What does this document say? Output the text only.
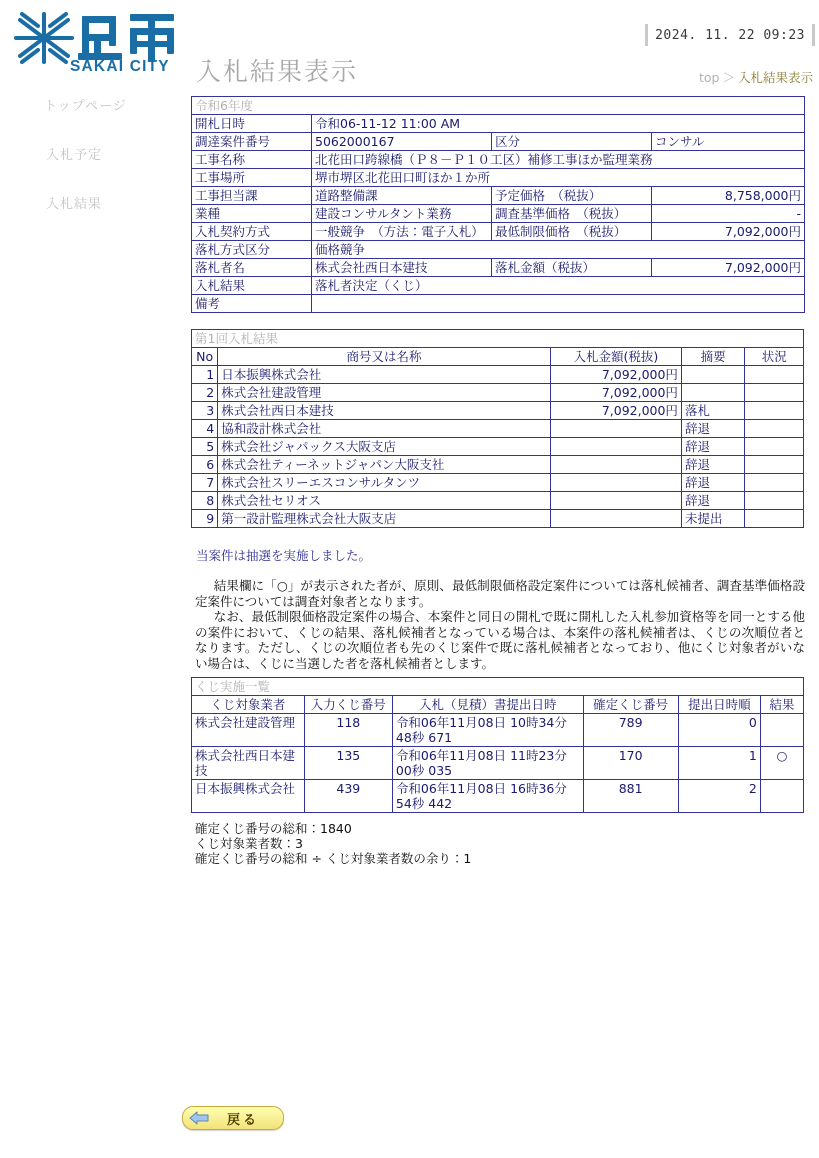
SAKAI CITY 入札結果表示
2024. 11. 22 09:23
top ＞ 入札結果表示
トップページ
入札予定
入札結果
令和6年度			
開札日時	令和06-11-12 11:00 AM		
調達案件番号	5062000167	区分	コンサル
工事名称	北花田口跨線橋（Ｐ８－Ｐ１０工区）補修工事ほか監理業務		
工事場所	堺市堺区北花田口町ほか１か所		
工事担当課	道路整備課	予定価格　（税抜）	8,758,000円
業種	建設コンサルタント業務	調査基準価格　（税抜）	-
入札契約方式	一般競争　（方法：電子入札）	最低制限価格　（税抜）	7,092,000円
落札方式区分	価格競争		
落札者名	株式会社西日本建技	落札金額（税抜）	7,092,000円
入札結果	落札者決定（くじ）		
備考			
第1回入札結果				
No	商号又は名称	入札金額(税抜)	摘要	状況
1	日本振興株式会社	7,092,000円		
2	株式会社建設管理	7,092,000円		
3	株式会社西日本建技	7,092,000円	落札	
4	協和設計株式会社		辞退	
5	株式会社ジャパックス大阪支店		辞退	
6	株式会社ティーネットジャパン大阪支社		辞退	
7	株式会社スリーエスコンサルタンツ		辞退	
8	株式会社セリオス		辞退	
9	第一設計監理株式会社大阪支店		未提出	
当案件は抽選を実施しました。

結果欄に「○」が表示された者が、原則、最低制限価格設定案件については落札候補者、調査基準価格設定案件については調査対象者となります。

なお、最低制限価格設定案件の場合、本案件と同日の開札で既に開札した入札参加資格等を同一とする他の案件において、くじの結果、落札候補者となっている場合は、本案件の落札候補者は、くじの次順位者となります。ただし、くじの次順位者も先のくじ案件で既に落札候補者となっており、他にくじ対象者がいない場合は、くじに当選した者を落札候補者とします。

くじ実施一覧					
くじ対象業者	入力くじ番号	入札（見積）書提出日時	確定くじ番号	提出日時順	結果
株式会社建設管理	118	令和06年11月08日 10時34分48秒 671	789	0	
株式会社西日本建技	135	令和06年11月08日 11時23分00秒 035	170	1	○
日本振興株式会社	439	令和06年11月08日 16時36分54秒 442	881	2	
確定くじ番号の総和：1840
くじ対象業者数：3
確定くじ番号の総和 ÷ くじ対象業者数の余り：1
戻る
